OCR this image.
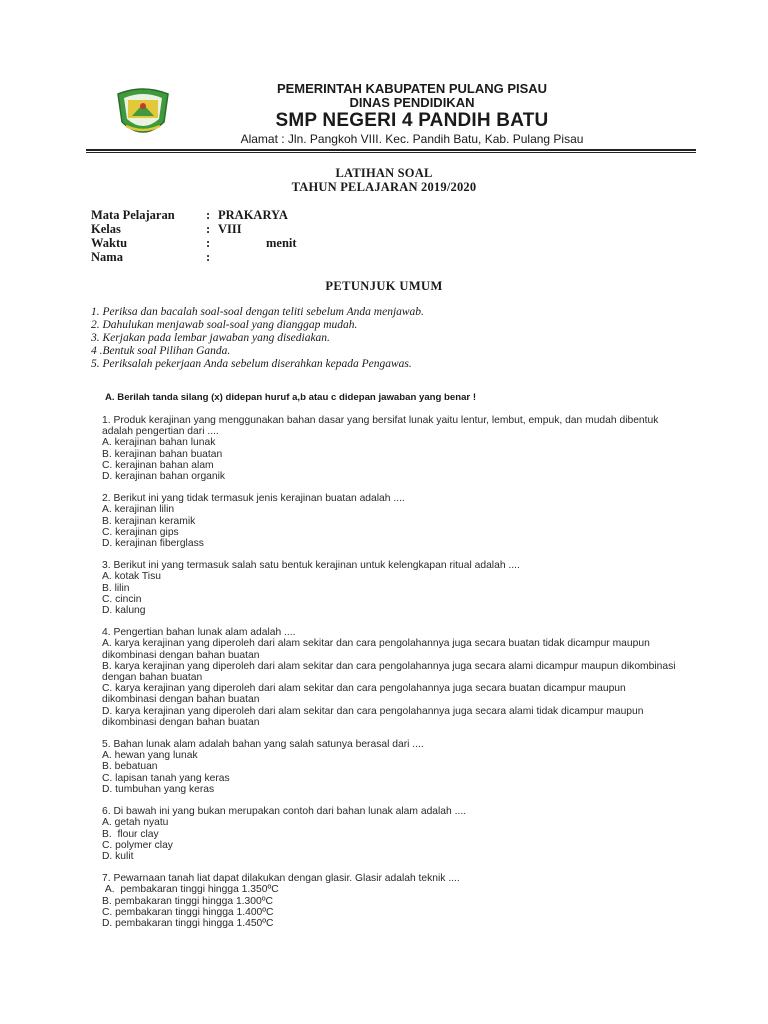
PEMERINTAH KABUPATEN PULANG PISAU
DINAS PENDIDIKAN
SMP NEGERI 4 PANDIH BATU
Alamat : Jln. Pangkoh VIII. Kec. Pandih Batu, Kab. Pulang Pisau
LATIHAN SOAL
TAHUN PELAJARAN 2019/2020
Mata Pelajaran	: PRAKARYA
Kelas	:VIII
Waktu	:	menit
Nama	:
PETUNJUK UMUM
1. Periksa dan bacalah soal-soal dengan teliti sebelum Anda menjawab.
2. Dahulukan menjawab soal-soal yang dianggap mudah.
3. Kerjakan pada lembar jawaban yang disediakan.
4 .Bentuk soal Pilihan Ganda.
5. Periksalah pekerjaan Anda sebelum diserahkan kepada Pengawas.
A. Berilah tanda silang (x) didepan huruf a,b atau c didepan jawaban yang benar !
1. Produk kerajinan yang menggunakan bahan dasar yang bersifat lunak yaitu lentur, lembut, empuk, dan mudah dibentuk adalah pengertian dari ....
A. kerajinan bahan lunak
B. kerajinan bahan buatan
C. kerajinan bahan alam
D. kerajinan bahan organik
2. Berikut ini yang tidak termasuk jenis kerajinan buatan adalah ....
A. kerajinan lilin
B. kerajinan keramik
C. kerajinan gips
D. kerajinan fiberglass
3. Berikut ini yang termasuk salah satu bentuk kerajinan untuk kelengkapan ritual adalah ....
A. kotak Tisu
B. lilin
C. cincin
D. kalung
4. Pengertian bahan lunak alam adalah ....
A. karya kerajinan yang diperoleh dari alam sekitar dan cara pengolahannya juga secara buatan tidak dicampur maupun dikombinasi dengan bahan buatan
B. karya kerajinan yang diperoleh dari alam sekitar dan cara pengolahannya juga secara alami dicampur maupun dikombinasi dengan bahan buatan
C. karya kerajinan yang diperoleh dari alam sekitar dan cara pengolahannya juga secara buatan dicampur maupun dikombinasi dengan bahan buatan
D. karya kerajinan yang diperoleh dari alam sekitar dan cara pengolahannya juga secara alami tidak dicampur maupun dikombinasi dengan bahan buatan
5. Bahan lunak alam adalah bahan yang salah satunya berasal dari ....
A. hewan yang lunak
B. bebatuan
C. lapisan tanah yang keras
D. tumbuhan yang keras
6. Di bawah ini yang bukan merupakan contoh dari bahan lunak alam adalah ....
A. getah nyatu
B.  flour clay
C. polymer clay
D. kulit
7. Pewarnaan tanah liat dapat dilakukan dengan glasir. Glasir adalah teknik ....
A.  pembakaran tinggi hingga 1.350ºC
B. pembakaran tinggi hingga 1.300ºC
C. pembakaran tinggi hingga 1.400ºC
D. pembakaran tinggi hingga 1.450ºC
